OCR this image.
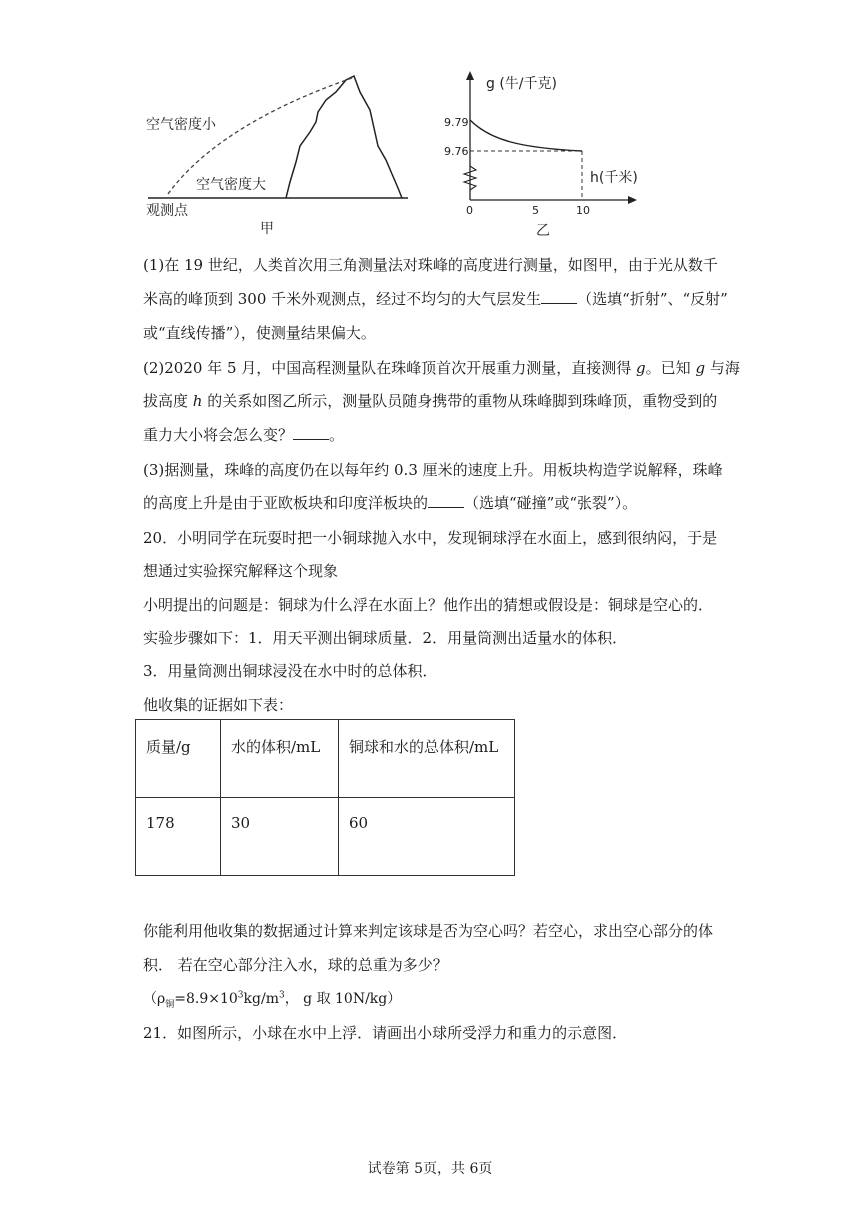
空气密度小
空气密度大
观测点
甲
g (牛/千克)
h(千米)
9.79
9.76
0	5	10
乙
(1)在 19 世纪，人类首次用三角测量法对珠峰的高度进行测量，如图甲，由于光从数千
米高的峰顶到 300 千米外观测点，经过不均匀的大气层发生 （选填“折射”、“反射”
或“直线传播”），使测量结果偏大。
(2)2020 年 5 月，中国高程测量队在珠峰顶首次开展重力测量，直接测得 g。已知 g 与海
拔高度 h 的关系如图乙所示，测量队员随身携带的重物从珠峰脚到珠峰顶，重物受到的
重力大小将会怎么变？ 。
(3)据测量，珠峰的高度仍在以每年约 0.3 厘米的速度上升。用板块构造学说解释，珠峰
的高度上升是由于亚欧板块和印度洋板块的 （选填“碰撞”或“张裂”）。
20．小明同学在玩耍时把一小铜球抛入水中，发现铜球浮在水面上，感到很纳闷，于是
想通过实验探究解释这个现象
小明提出的问题是：铜球为什么浮在水面上？他作出的猜想或假设是：铜球是空心的．
实验步骤如下：1．用天平测出铜球质量．2．用量筒测出适量水的体积．
3．用量筒测出铜球浸没在水中时的总体积．
他收集的证据如下表：
质量/g	水的体积/mL	铜球和水的总体积/mL
178	30	60
你能利用他收集的数据通过计算来判定该球是否为空心吗？若空心，求出空心部分的体
积． 若在空心部分注入水，球的总重为多少？
（$\rho_铜=8.9\times 10^3kg/m^3$， g 取 10N/kg）
21．如图所示，小球在水中上浮．请画出小球所受浮力和重力的示意图．
试卷第 5页，共 6页
